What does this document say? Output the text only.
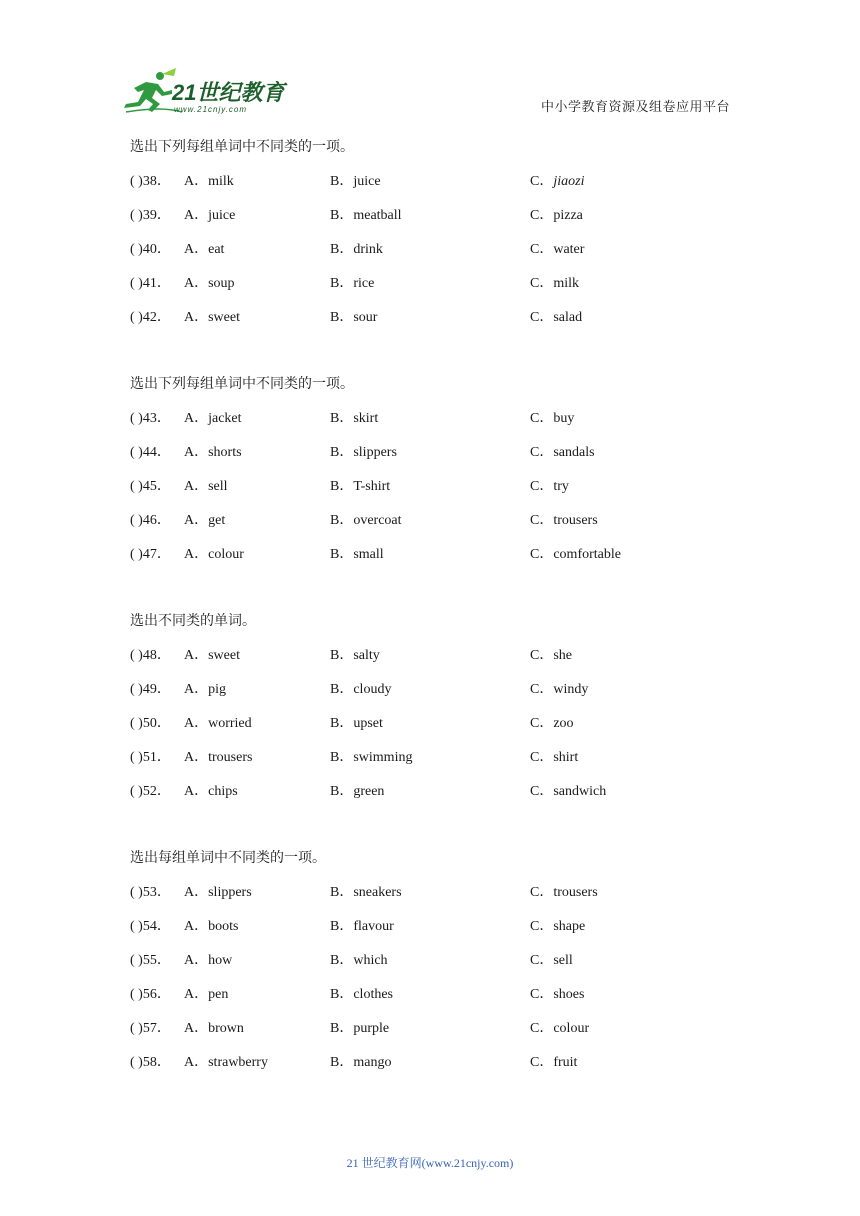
21世纪教育
www.21cnjy.com	中小学教育资源及组卷应用平台
选出下列每组单词中不同类的一项。
( )38． A．milk	B．juice	C．jiaozi
( )39． A．juice	B．meatball	C．pizza
( )40． A．eat	B．drink	C．water
( )41． A．soup	B．rice	C．milk
( )42． A．sweet	B．sour	C．salad
选出下列每组单词中不同类的一项。
( )43． A．jacket	B．skirt	C．buy
( )44． A．shorts	B．slippers	C．sandals
( )45． A．sell	B．T-shirt	C．try
( )46． A．get	B．overcoat	C．trousers
( )47． A．colour	B．small	C．comfortable
选出不同类的单词。
( )48． A．sweet	B．salty	C．she
( )49． A．pig	B．cloudy	C．windy
( )50． A．worried	B．upset	C．zoo
( )51． A．trousers	B．swimming	C．shirt
( )52． A．chips	B．green	C．sandwich
选出每组单词中不同类的一项。
( )53． A．slippers	B．sneakers	C．trousers
( )54． A．boots	B．flavour	C．shape
( )55． A．how	B．which	C．sell
( )56． A．pen	B．clothes	C．shoes
( )57． A．brown	B．purple	C．colour
( )58． A．strawberry	B．mango	C．fruit
21 世纪教育网(www.21cnjy.com)
